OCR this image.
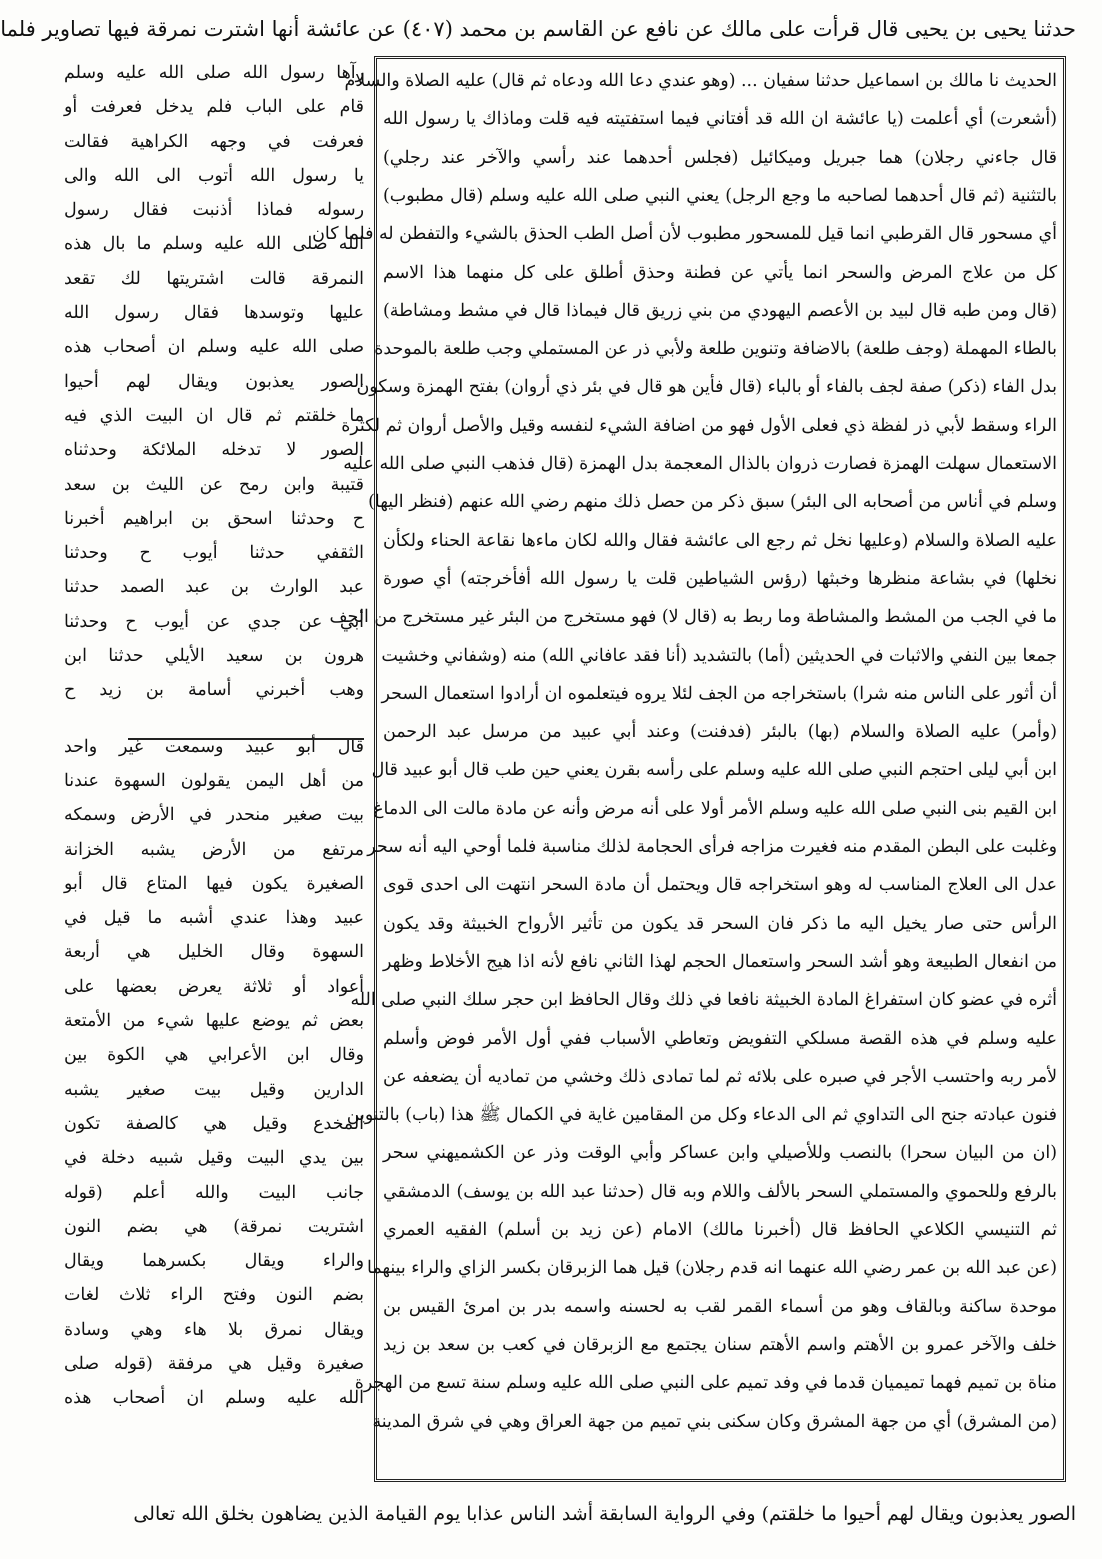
حدثنا يحيى بن يحيى قال قرأت على مالك عن نافع عن القاسم بن محمد (٤٠٧) عن عائشة أنها اشترت نمرقة فيها تصاوير فلما
الحديث نا مالك بن اسماعيل حدثنا سفيان ... (وهو عندي دعا الله ودعاه ثم قال) عليه الصلاة والسلام
(أشعرت) أي أعلمت (يا عائشة ان الله قد أفتاني فيما استفتيته فيه قلت وماذاك يا رسول الله
قال جاءني رجلان) هما جبريل وميكائيل (فجلس أحدهما عند رأسي والآخر عند رجلي)
بالتثنية (ثم قال أحدهما لصاحبه ما وجع الرجل) يعني النبي صلى الله عليه وسلم (قال مطبوب)
أي مسحور قال القرطبي انما قيل للمسحور مطبوب لأن أصل الطب الحذق بالشيء والتفطن له فلما كان
كل من علاج المرض والسحر انما يأتي عن فطنة وحذق أطلق على كل منهما هذا الاسم
(قال ومن طبه قال لبيد بن الأعصم اليهودي من بني زريق قال فيماذا قال في مشط ومشاطة)
بالطاء المهملة (وجف طلعة) بالاضافة وتنوين طلعة ولأبي ذر عن المستملي وجب طلعة بالموحدة
بدل الفاء (ذكر) صفة لجف بالفاء أو بالباء (قال فأين هو قال في بئر ذي أروان) بفتح الهمزة وسكون
الراء وسقط لأبي ذر لفظة ذي فعلى الأول فهو من اضافة الشيء لنفسه وقيل والأصل أروان ثم لكثرة
الاستعمال سهلت الهمزة فصارت ذروان بالذال المعجمة بدل الهمزة (قال فذهب النبي صلى الله عليه
وسلم في أناس من أصحابه الى البئر) سبق ذكر من حصل ذلك منهم رضي الله عنهم (فنظر اليها)
عليه الصلاة والسلام (وعليها نخل ثم رجع الى عائشة فقال والله لكان ماءها نقاعة الحناء ولكأن
نخلها) في بشاعة منظرها وخبثها (رؤس الشياطين قلت يا رسول الله أفأخرجته) أي صورة
ما في الجب من المشط والمشاطة وما ربط به (قال لا) فهو مستخرج من البئر غير مستخرج من الجف
جمعا بين النفي والاثبات في الحديثين (أما) بالتشديد (أنا فقد عافاني الله) منه (وشفاني وخشيت
أن أثور على الناس منه شرا) باستخراجه من الجف لئلا يروه فيتعلموه ان أرادوا استعمال السحر
(وأمر) عليه الصلاة والسلام (بها) بالبئر (فدفنت) وعند أبي عبيد من مرسل عبد الرحمن
ابن أبي ليلى احتجم النبي صلى الله عليه وسلم على رأسه بقرن يعني حين طب قال أبو عبيد قال
ابن القيم بنى النبي صلى الله عليه وسلم الأمر أولا على أنه مرض وأنه عن مادة مالت الى الدماغ
وغلبت على البطن المقدم منه فغيرت مزاجه فرأى الحجامة لذلك مناسبة فلما أوحي اليه أنه سحر
عدل الى العلاج المناسب له وهو استخراجه قال ويحتمل أن مادة السحر انتهت الى احدى قوى
الرأس حتى صار يخيل اليه ما ذكر فان السحر قد يكون من تأثير الأرواح الخبيثة وقد يكون
من انفعال الطبيعة وهو أشد السحر واستعمال الحجم لهذا الثاني نافع لأنه اذا هيج الأخلاط وظهر
أثره في عضو كان استفراغ المادة الخبيثة نافعا في ذلك وقال الحافظ ابن حجر سلك النبي صلى الله
عليه وسلم في هذه القصة مسلكي التفويض وتعاطي الأسباب ففي أول الأمر فوض وأسلم
لأمر ربه واحتسب الأجر في صبره على بلائه ثم لما تمادى ذلك وخشي من تماديه أن يضعفه عن
فنون عبادته جنح الى التداوي ثم الى الدعاء وكل من المقامين غاية في الكمال ﷺ هذا (باب) بالتنوين
(ان من البيان سحرا) بالنصب وللأصيلي وابن عساكر وأبي الوقت وذر عن الكشميهني سحر
بالرفع وللحموي والمستملي السحر بالألف واللام وبه قال (حدثنا عبد الله بن يوسف) الدمشقي
ثم التنيسي الكلاعي الحافظ قال (أخبرنا مالك) الامام (عن زيد بن أسلم) الفقيه العمري
(عن عبد الله بن عمر رضي الله عنهما انه قدم رجلان) قيل هما الزبرقان بكسر الزاي والراء بينهما
موحدة ساكنة وبالقاف وهو من أسماء القمر لقب به لحسنه واسمه بدر بن امرئ القيس بن
خلف والآخر عمرو بن الأهتم واسم الأهتم سنان يجتمع مع الزبرقان في كعب بن سعد بن زيد
مناة بن تميم فهما تميميان قدما في وفد تميم على النبي صلى الله عليه وسلم سنة تسع من الهجرة
(من المشرق) أي من جهة المشرق وكان سكنى بني تميم من جهة العراق وهي في شرق المدينة
رآها رسول الله صلى الله عليه وسلم
قام على الباب فلم يدخل فعرفت أو
فعرفت في وجهه الكراهية فقالت
يا رسول الله أتوب الى الله والى
رسوله فماذا أذنبت فقال رسول
الله صلى الله عليه وسلم ما بال هذه
النمرقة قالت اشتريتها لك تقعد
عليها وتوسدها فقال رسول الله
صلى الله عليه وسلم ان أصحاب هذه
الصور يعذبون ويقال لهم أحيوا
ما خلقتم ثم قال ان البيت الذي فيه
الصور لا تدخله الملائكة وحدثناه
قتيبة وابن رمح عن الليث بن سعد
ح وحدثنا اسحق بن ابراهيم أخبرنا
الثقفي حدثنا أيوب ح وحدثنا
عبد الوارث بن عبد الصمد حدثنا
أبي عن جدي عن أيوب ح وحدثنا
هرون بن سعيد الأيلي حدثنا ابن
وهب أخبرني أسامة بن زيد ح
قال أبو عبيد وسمعت غير واحد
من أهل اليمن يقولون السهوة عندنا
بيت صغير منحدر في الأرض وسمكه
مرتفع من الأرض يشبه الخزانة
الصغيرة يكون فيها المتاع قال أبو
عبيد وهذا عندي أشبه ما قيل في
السهوة وقال الخليل هي أربعة
أعواد أو ثلاثة يعرض بعضها على
بعض ثم يوضع عليها شيء من الأمتعة
وقال ابن الأعرابي هي الكوة بين
الدارين وقيل بيت صغير يشبه
المخدع وقيل هي كالصفة تكون
بين يدي البيت وقيل شبيه دخلة في
جانب البيت والله أعلم (قوله
اشتريت نمرقة) هي بضم النون
والراء ويقال بكسرهما ويقال
بضم النون وفتح الراء ثلاث لغات
ويقال نمرق بلا هاء وهي وسادة
صغيرة وقيل هي مرفقة (قوله صلى
الله عليه وسلم ان أصحاب هذه
الصور يعذبون ويقال لهم أحيوا ما خلقتم) وفي الرواية السابقة أشد الناس عذابا يوم القيامة الذين يضاهون بخلق الله تعالى
